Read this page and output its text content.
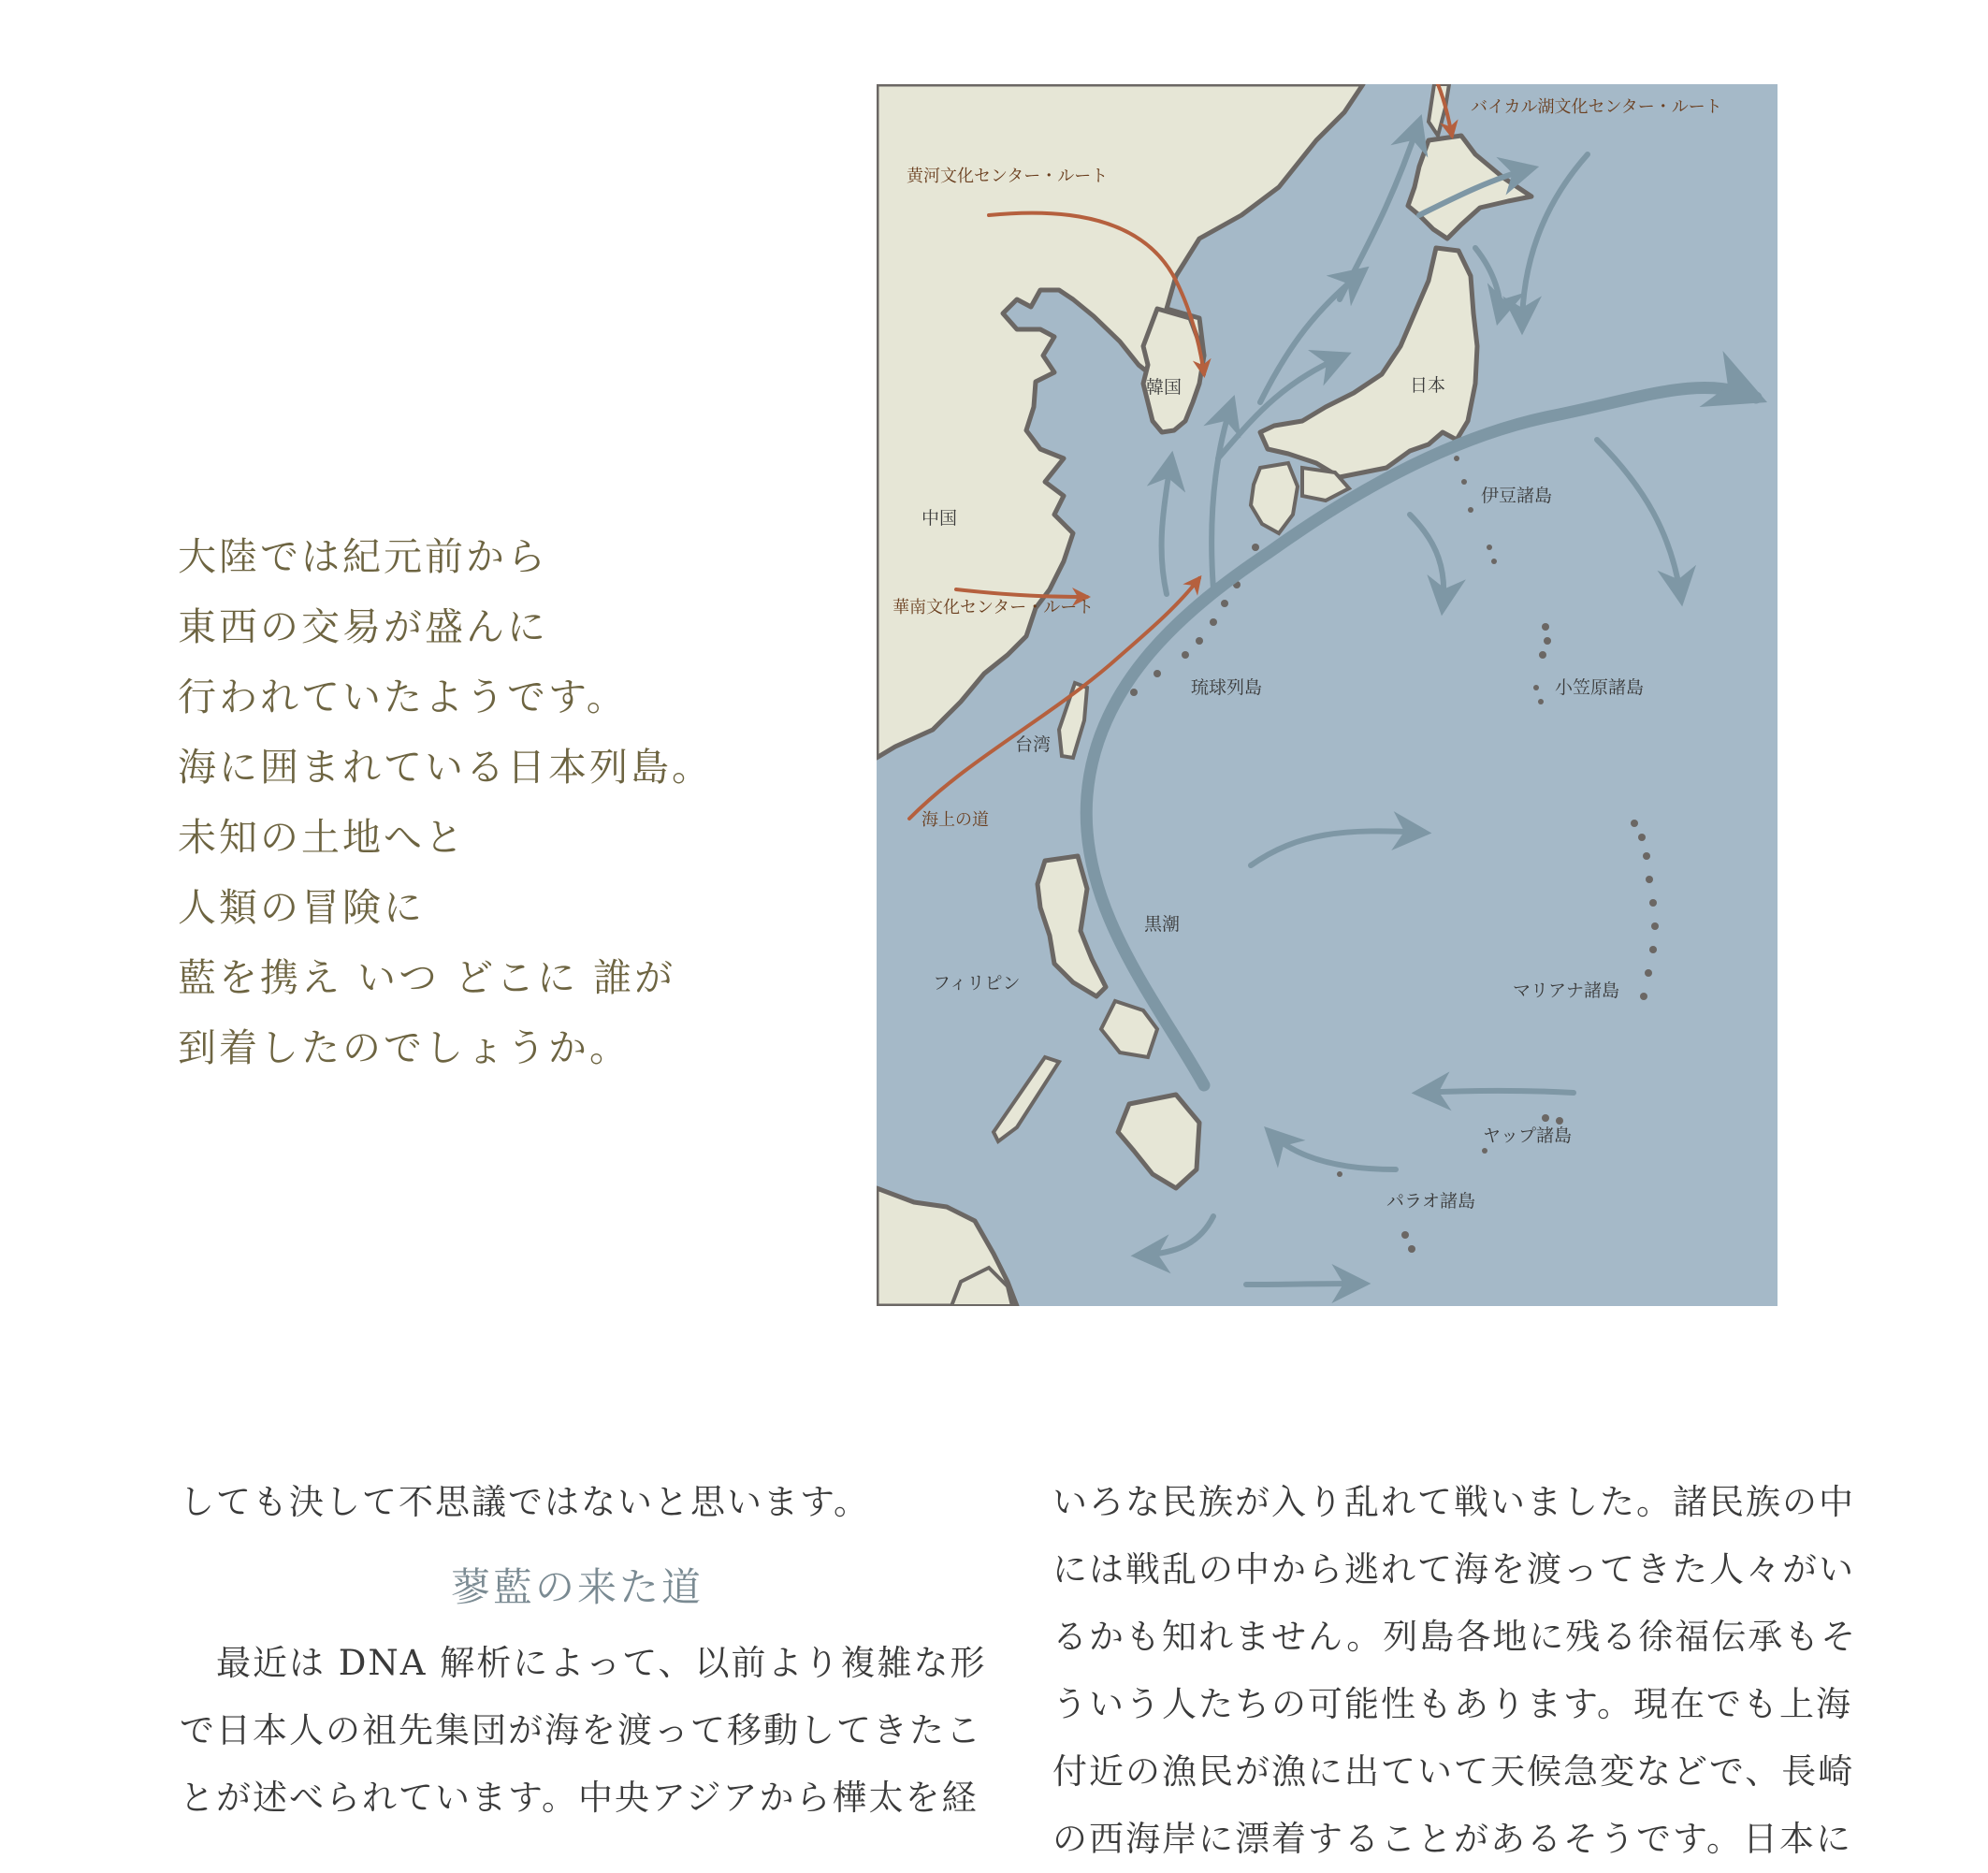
大陸では紀元前から
東西の交易が盛んに
行われていたようです。
海に囲まれている日本列島。
未知の土地へと
人類の冒険に
藍を携え いつ どこに 誰が
到着したのでしょうか。
バイカル湖文化センター・ルート
黄河文化センター・ルート
華南文化センター・ルート
海上の道
韓国	日本
中国
伊豆諸島
琉球列島	小笠原諸島
台湾
黒潮
フィリピン	マリアナ諸島
ヤップ諸島
パラオ諸島
しても決して不思議ではないと思います。
蓼藍の来た道
　最近は DNA 解析によって、以前より複雑な形
で日本人の祖先集団が海を渡って移動してきたこ
とが述べられています。中央アジアから樺太を経
いろな民族が入り乱れて戦いました。諸民族の中
には戦乱の中から逃れて海を渡ってきた人々がい
るかも知れません。列島各地に残る徐福伝承もそ
ういう人たちの可能性もあります。現在でも上海
付近の漁民が漁に出ていて天候急変などで、長崎
の西海岸に漂着することがあるそうです。日本に
